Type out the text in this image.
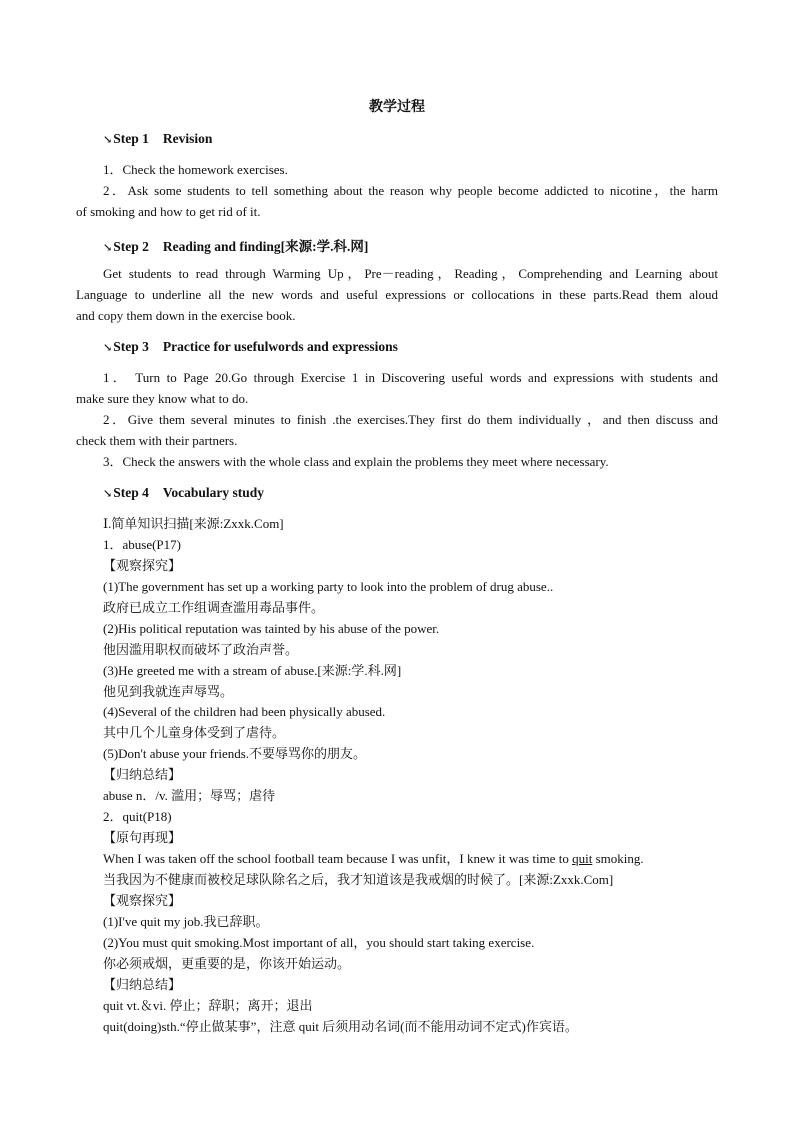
教学过程
↘Step 1 Revision
1．Check the homework exercises.
2．Ask some students to tell something about the reason why people become addicted to nicotine，the harm
of smoking and how to get rid of it.
↘Step 2 Reading and finding[来源:学.科.网]
Get students to read through Warming Up，Pre－reading，Reading，Comprehending and Learning about
Language to underline all the new words and useful expressions or collocations in these parts.Read them aloud
and copy them down in the exercise book.
↘Step 3 Practice for usefulwords and expressions
1． Turn to Page 20.Go through Exercise 1 in Discovering useful words and expressions with students and
make sure they know what to do.
2．Give them several minutes to finish .the exercises.They first do them individually ，and then discuss and
check them with their partners.
3．Check the answers with the whole class and explain the problems they meet where necessary.
↘Step 4 Vocabulary study
Ⅰ.简单知识扫描[来源:Zxxk.Com]
1．abuse(P17)
【观察探究】
(1)The government has set up a working party to look into the problem of drug abuse..
政府已成立工作组调查滥用毒品事件。
(2)His political reputation was tainted by his abuse of the power.
他因滥用职权而破坏了政治声誉。
(3)He greeted me with a stream of abuse.[来源:学.科.网]
他见到我就连声辱骂。
(4)Several of the children had been physically abused.
其中几个儿童身体受到了虐待。
(5)Don't abuse your friends.不要辱骂你的朋友。
【归纳总结】
abuse n．/v. 滥用；辱骂；虐待
2．quit(P18)
【原句再现】
When I was taken off the school football team because I was unfit，I knew it was time to quit smoking.
当我因为不健康而被校足球队除名之后，我才知道该是我戒烟的时候了。[来源:Zxxk.Com]
【观察探究】
(1)I've quit my job.我已辞职。
(2)You must quit smoking.Most important of all，you should start taking exercise.
你必须戒烟，更重要的是，你该开始运动。
【归纳总结】
quit vt.＆vi. 停止；辞职；离开；退出
quit(doing)sth.“停止做某事”，注意 quit 后须用动名词(而不能用动词不定式)作宾语。
